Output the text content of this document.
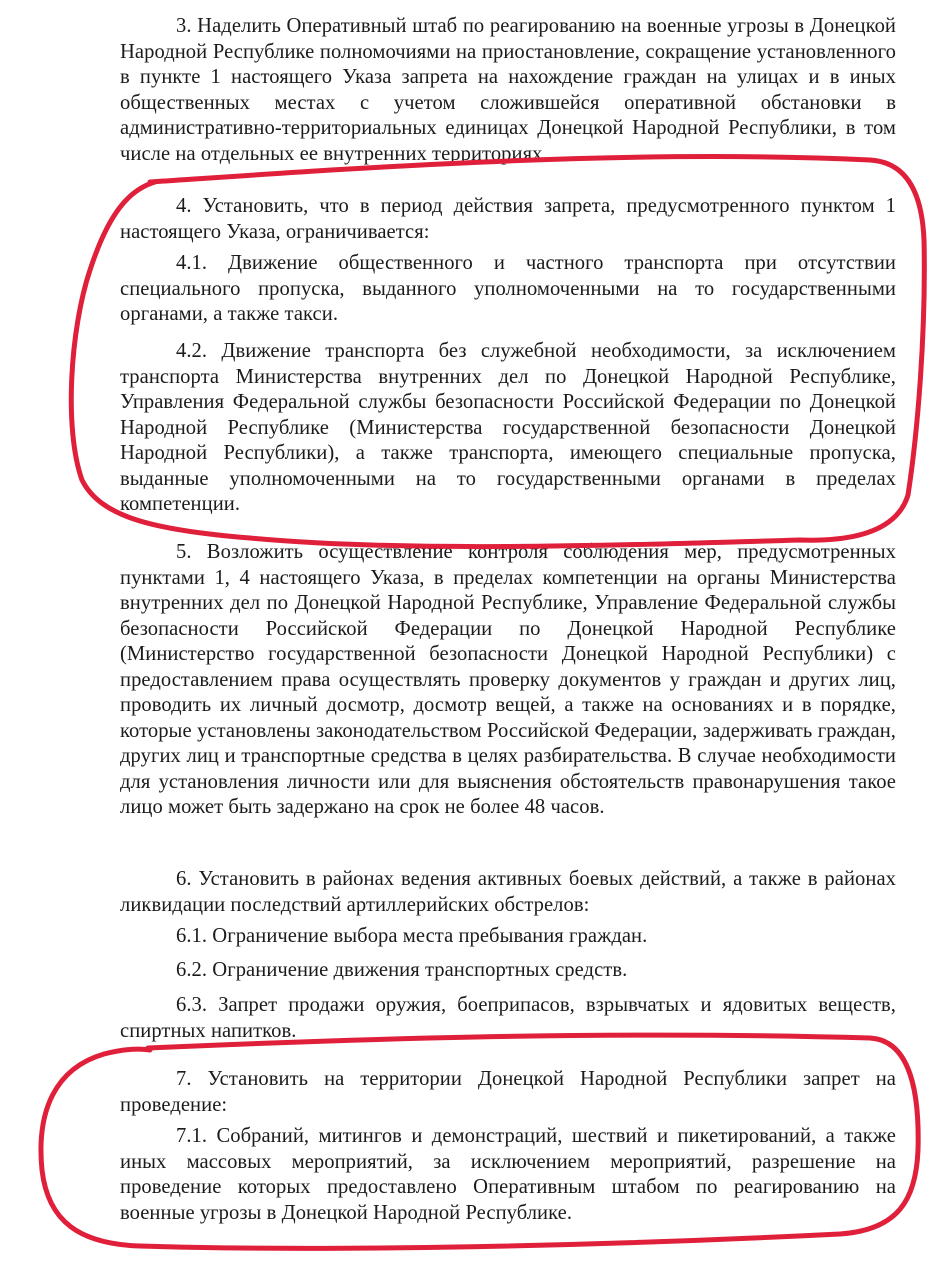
3. Наделить Оперативный штаб по реагированию на военные угрозы в Донецкой Народной Республике полномочиями на приостановление, сокращение установленного в пункте 1 настоящего Указа запрета на нахождение граждан на улицах и в иных общественных местах с учетом сложившейся оперативной обстановки в административно-территориальных единицах Донецкой Народной Республики, в том числе на отдельных ее внутренних территориях.

4. Установить, что в период действия запрета, предусмотренного пунктом 1 настоящего Указа, ограничивается:

4.1. Движение общественного и частного транспорта при отсутствии специального пропуска, выданного уполномоченными на то государственными органами, а также такси.

4.2. Движение транспорта без служебной необходимости, за исключением транспорта Министерства внутренних дел по Донецкой Народной Республике, Управления Федеральной службы безопасности Российской Федерации по Донецкой Народной Республике (Министерства государственной безопасности Донецкой Народной Республики), а также транспорта, имеющего специальные пропуска, выданные уполномоченными на то государственными органами в пределах компетенции.

5. Возложить осуществление контроля соблюдения мер, предусмотренных пунктами 1, 4 настоящего Указа, в пределах компетенции на органы Министерства внутренних дел по Донецкой Народной Республике, Управление Федеральной службы безопасности Российской Федерации по Донецкой Народной Республике (Министерство государственной безопасности Донецкой Народной Республики) с предоставлением права осуществлять проверку документов у граждан и других лиц, проводить их личный досмотр, досмотр вещей, а также на основаниях и в порядке, которые установлены законодательством Российской Федерации, задерживать граждан, других лиц и транспортные средства в целях разбирательства. В случае необходимости для установления личности или для выяснения обстоятельств правонарушения такое лицо может быть задержано на срок не более 48 часов.

6. Установить в районах ведения активных боевых действий, а также в районах ликвидации последствий артиллерийских обстрелов:

6.1. Ограничение выбора места пребывания граждан.

6.2. Ограничение движения транспортных средств.

6.3. Запрет продажи оружия, боеприпасов, взрывчатых и ядовитых веществ, спиртных напитков.

7. Установить на территории Донецкой Народной Республики запрет на проведение:

7.1. Собраний, митингов и демонстраций, шествий и пикетирований, а также иных массовых мероприятий, за исключением мероприятий, разрешение на проведение которых предоставлено Оперативным штабом по реагированию на военные угрозы в Донецкой Народной Республике.
